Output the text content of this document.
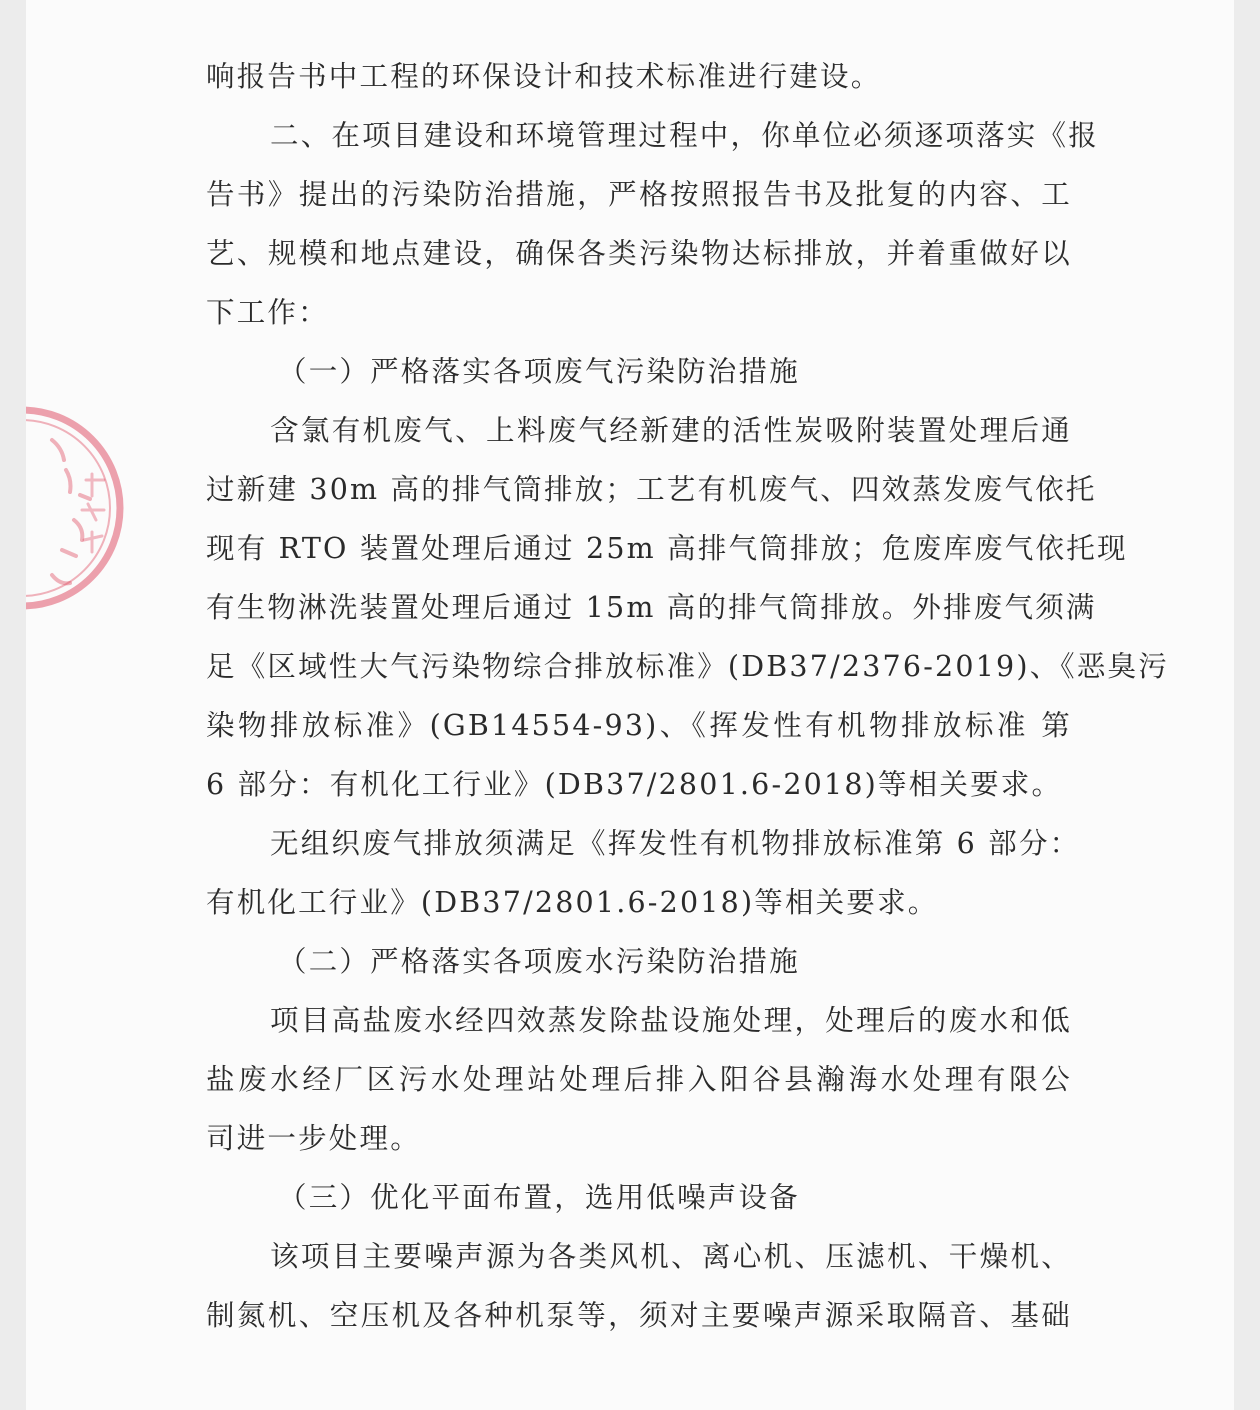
响报告书中工程的环保设计和技术标准进行建设。

二、在项目建设和环境管理过程中，你单位必须逐项落实《报

告书》提出的污染防治措施，严格按照报告书及批复的内容、工

艺、规模和地点建设，确保各类污染物达标排放，并着重做好以

下工作：

（一）严格落实各项废气污染防治措施

含氯有机废气、上料废气经新建的活性炭吸附装置处理后通

过新建 30m 高的排气筒排放；工艺有机废气、四效蒸发废气依托

现有 RTO 装置处理后通过 25m 高排气筒排放；危废库废气依托现

有生物淋洗装置处理后通过 15m 高的排气筒排放。外排废气须满

足《区域性大气污染物综合排放标准》(DB37/2376-2019)、《恶臭污

染物排放标准》(GB14554-93)、《挥发性有机物排放标准 第

6 部分：有机化工行业》(DB37/2801.6-2018)等相关要求。

无组织废气排放须满足《挥发性有机物排放标准第 6 部分：

有机化工行业》(DB37/2801.6-2018)等相关要求。

（二）严格落实各项废水污染防治措施

项目高盐废水经四效蒸发除盐设施处理，处理后的废水和低

盐废水经厂区污水处理站处理后排入阳谷县瀚海水处理有限公

司进一步处理。

（三）优化平面布置，选用低噪声设备

该项目主要噪声源为各类风机、离心机、压滤机、干燥机、

制氮机、空压机及各种机泵等，须对主要噪声源采取隔音、基础
